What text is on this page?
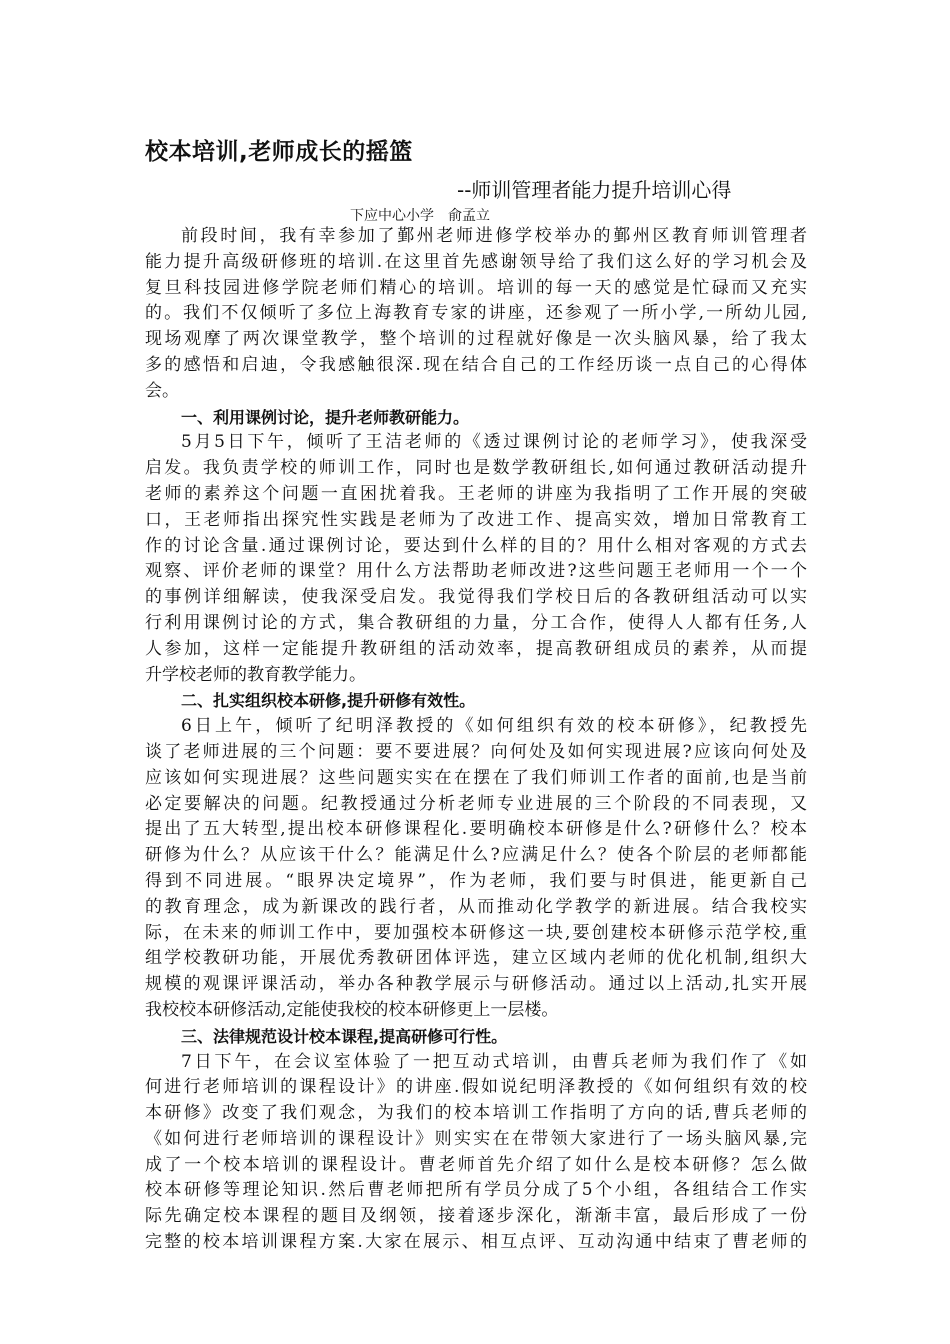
校本培训,老师成长的摇篮
--师训管理者能力提升培训心得
下应中心小学　俞孟立
前段时间，我有幸参加了鄞州老师进修学校举办的鄞州区教育师训管理者
能力提升高级研修班的培训.在这里首先感谢领导给了我们这么好的学习机会及
复旦科技园进修学院老师们精心的培训。培训的每一天的感觉是忙碌而又充实
的。我们不仅倾听了多位上海教育专家的讲座，还参观了一所小学,一所幼儿园,
现场观摩了两次课堂教学，整个培训的过程就好像是一次头脑风暴，给了我太
多的感悟和启迪，令我感触很深.现在结合自己的工作经历谈一点自己的心得体
会。
一、利用课例讨论，提升老师教研能力。
5月5日下午，倾听了王洁老师的《透过课例讨论的老师学习》，使我深受
启发。我负责学校的师训工作，同时也是数学教研组长,如何通过教研活动提升
老师的素养这个问题一直困扰着我。王老师的讲座为我指明了工作开展的突破
口，王老师指出探究性实践是老师为了改进工作、提高实效，增加日常教育工
作的讨论含量.通过课例讨论，要达到什么样的目的？用什么相对客观的方式去
观察、评价老师的课堂？用什么方法帮助老师改进?这些问题王老师用一个一个
的事例详细解读，使我深受启发。我觉得我们学校日后的各教研组活动可以实
行利用课例讨论的方式，集合教研组的力量，分工合作，使得人人都有任务,人
人参加，这样一定能提升教研组的活动效率，提高教研组成员的素养，从而提
升学校老师的教育教学能力。
二、扎实组织校本研修,提升研修有效性。
6日上午，倾听了纪明泽教授的《如何组织有效的校本研修》，纪教授先
谈了老师进展的三个问题：要不要进展？向何处及如何实现进展?应该向何处及
应该如何实现进展？这些问题实实在在摆在了我们师训工作者的面前,也是当前
必定要解决的问题。纪教授通过分析老师专业进展的三个阶段的不同表现，又
提出了五大转型,提出校本研修课程化.要明确校本研修是什么?研修什么？校本
研修为什么？从应该干什么？能满足什么?应满足什么？使各个阶层的老师都能
得到不同进展。“眼界决定境界”，作为老师，我们要与时俱进，能更新自己
的教育理念，成为新课改的践行者，从而推动化学教学的新进展。结合我校实
际，在未来的师训工作中，要加强校本研修这一块,要创建校本研修示范学校,重
组学校教研功能，开展优秀教研团体评选，建立区域内老师的优化机制,组织大
规模的观课评课活动，举办各种教学展示与研修活动。通过以上活动,扎实开展
我校校本研修活动,定能使我校的校本研修更上一层楼。
三、法律规范设计校本课程,提高研修可行性。
7日下午，在会议室体验了一把互动式培训，由曹兵老师为我们作了《如
何进行老师培训的课程设计》的讲座.假如说纪明泽教授的《如何组织有效的校
本研修》改变了我们观念，为我们的校本培训工作指明了方向的话,曹兵老师的
《如何进行老师培训的课程设计》则实实在在带领大家进行了一场头脑风暴,完
成了一个校本培训的课程设计。曹老师首先介绍了如什么是校本研修？怎么做
校本研修等理论知识.然后曹老师把所有学员分成了5个小组，各组结合工作实
际先确定校本课程的题目及纲领，接着逐步深化，渐渐丰富，最后形成了一份
完整的校本培训课程方案.大家在展示、相互点评、互动沟通中结束了曹老师的
